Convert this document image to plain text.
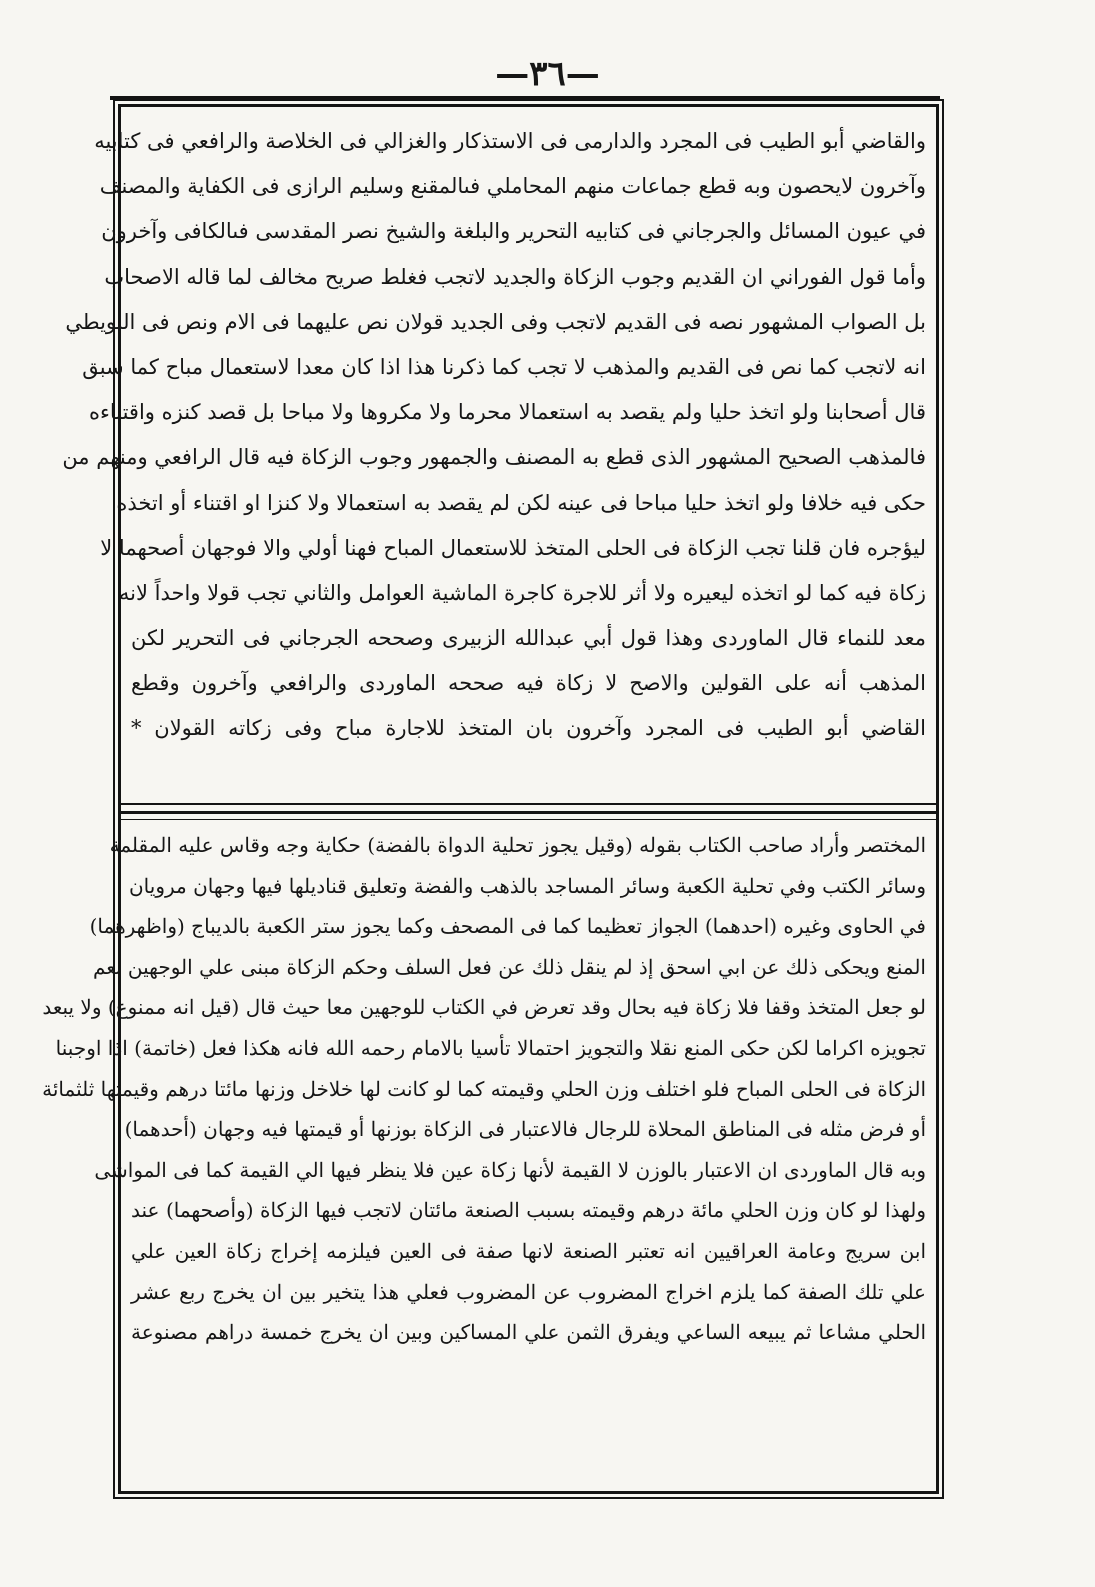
—٣٦—
والقاضي أبو الطيب فى المجرد والدارمى فى الاستذكار والغزالي فى الخلاصة والرافعي فى كتابيه
وآخرون لايحصون وبه قطع جماعات منهم المحاملي فىالمقنع وسليم الرازى فى الكفاية والمصنف
في عيون المسائل والجرجاني فى كتابيه التحرير والبلغة والشيخ نصر المقدسى فىالكافى وآخرون
وأما قول الفوراني ان القديم وجوب الزكاة والجديد لاتجب فغلط صريح مخالف لما قاله الاصحاب
بل الصواب المشهور نصه فى القديم لاتجب وفى الجديد قولان نص عليهما فى الام ونص فى البويطي
انه لاتجب كما نص فى القديم والمذهب لا تجب كما ذكرنا هذا اذا كان معدا لاستعمال مباح كما سبق
قال أصحابنا ولو اتخذ حليا ولم يقصد به استعمالا محرما ولا مكروها ولا مباحا بل قصد كنزه واقتناءه
فالمذهب الصحيح المشهور الذى قطع به المصنف والجمهور وجوب الزكاة فيه قال الرافعي ومنهم من
حكى فيه خلافا ولو اتخذ حليا مباحا فى عينه لكن لم يقصد به استعمالا ولا كنزا او اقتناء أو اتخذه
ليؤجره فان قلنا تجب الزكاة فى الحلى المتخذ للاستعمال المباح فهنا أولي والا فوجهان أصحهما لا
زكاة فيه كما لو اتخذه ليعيره ولا أثر للاجرة كاجرة الماشية العوامل والثاني تجب قولا واحداً لانه
معد للنماء قال الماوردى وهذا قول أبي عبدالله الزبيرى وصححه الجرجاني فى التحرير لكن
المذهب أنه على القولين والاصح لا زكاة فيه صححه الماوردى والرافعي وآخرون وقطع
القاضي أبو الطيب فى المجرد وآخرون بان المتخذ للاجارة مباح وفى زكاته القولان *
المختصر وأراد صاحب الكتاب بقوله (وقيل يجوز تحلية الدواة بالفضة) حكاية وجه وقاس عليه المقلمة
وسائر الكتب وفي تحلية الكعبة وسائر المساجد بالذهب والفضة وتعليق قناديلها فيها وجهان مرويان
في الحاوى وغيره (احدهما) الجواز تعظيما كما فى المصحف وكما يجوز ستر الكعبة بالديباج (واظهرهما)
المنع ويحكى ذلك عن ابي اسحق إذ لم ينقل ذلك عن فعل السلف وحكم الزكاة مبنى علي الوجهين نعم
لو جعل المتخذ وقفا فلا زكاة فيه بحال وقد تعرض في الكتاب للوجهين معا حيث قال (قيل انه ممنوع) ولا يبعد
تجويزه اكراما لكن حكى المنع نقلا والتجويز احتمالا تأسيا بالامام رحمه الله فانه هكذا فعل (خاتمة) اذا اوجبنا
الزكاة فى الحلى المباح فلو اختلف وزن الحلي وقيمته كما لو كانت لها خلاخل وزنها مائتا درهم وقيمتها ثلثمائة
أو فرض مثله فى المناطق المحلاة للرجال فالاعتبار فى الزكاة بوزنها أو قيمتها فيه وجهان (أحدهما)
وبه قال الماوردى ان الاعتبار بالوزن لا القيمة لأنها زكاة عين فلا ينظر فيها الي القيمة كما فى المواشى
ولهذا لو كان وزن الحلي مائة درهم وقيمته بسبب الصنعة مائتان لاتجب فيها الزكاة (وأصحهما) عند
ابن سريج وعامة العراقيين انه تعتبر الصنعة لانها صفة فى العين فيلزمه إخراج زكاة العين علي
علي تلك الصفة كما يلزم اخراج المضروب عن المضروب فعلي هذا يتخير بين ان يخرج ربع عشر
الحلي مشاعا ثم يبيعه الساعي ويفرق الثمن علي المساكين وبين ان يخرج خمسة دراهم مصنوعة
